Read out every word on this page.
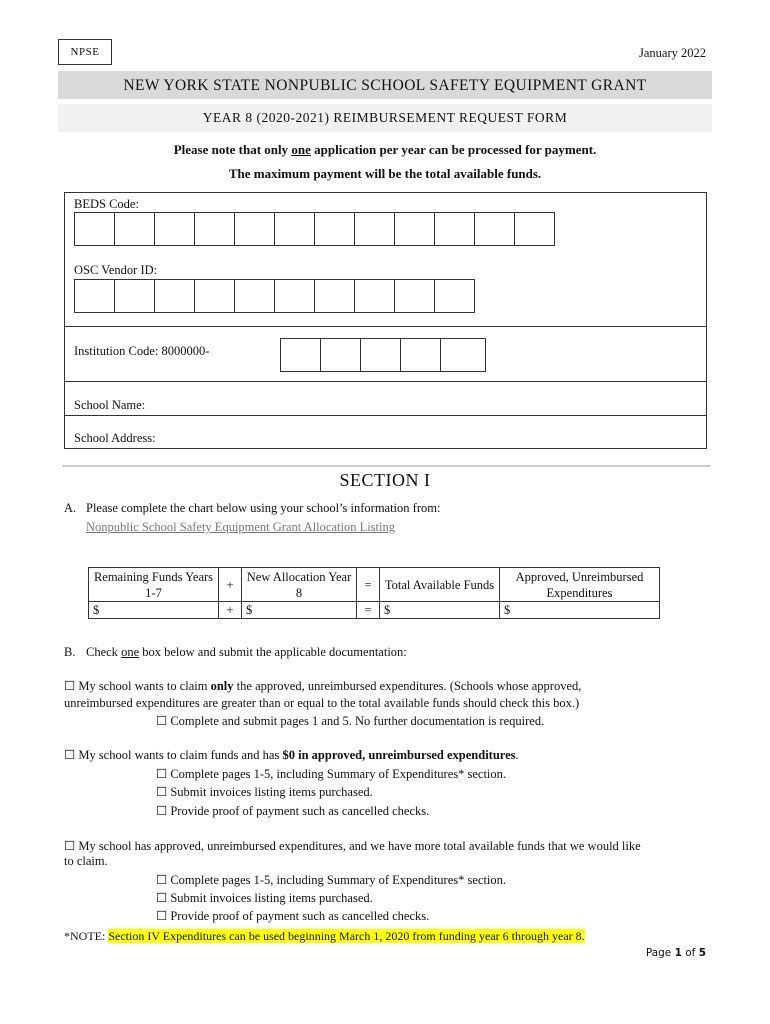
NPSE	January 2022
NEW YORK STATE NONPUBLIC SCHOOL SAFETY EQUIPMENT GRANT
YEAR 8 (2020-2021) REIMBURSEMENT REQUEST FORM
Please note that only one application per year can be processed for payment.
The maximum payment will be the total available funds.
BEDS Code:
OSC Vendor ID:
Institution Code: 8000000-
School Name:
School Address:
SECTION I
A. Please complete the chart below using your school’s information from:
Nonpublic School Safety Equipment Grant Allocation Listing
Remaining Funds Years 1-7	+	New Allocation Year 8	=	Total Available Funds	Approved, Unreimbursed Expenditures
$	+	$	=	$	$
B. Check one box below and submit the applicable documentation:
☐ My school wants to claim only the approved, unreimbursed expenditures. (Schools whose approved,
unreimbursed expenditures are greater than or equal to the total available funds should check this box.)
☐ Complete and submit pages 1 and 5. No further documentation is required.
☐ My school wants to claim funds and has $0 in approved, unreimbursed expenditures.
☐ Complete pages 1-5, including Summary of Expenditures* section.
☐ Submit invoices listing items purchased.
☐ Provide proof of payment such as cancelled checks.
☐ My school has approved, unreimbursed expenditures, and we have more total available funds that we would like
to claim.
☐ Complete pages 1-5, including Summary of Expenditures* section.
☐ Submit invoices listing items purchased.
☐ Provide proof of payment such as cancelled checks.
*NOTE: Section IV Expenditures can be used beginning March 1, 2020 from funding year 6 through year 8.
Page 1 of 5
